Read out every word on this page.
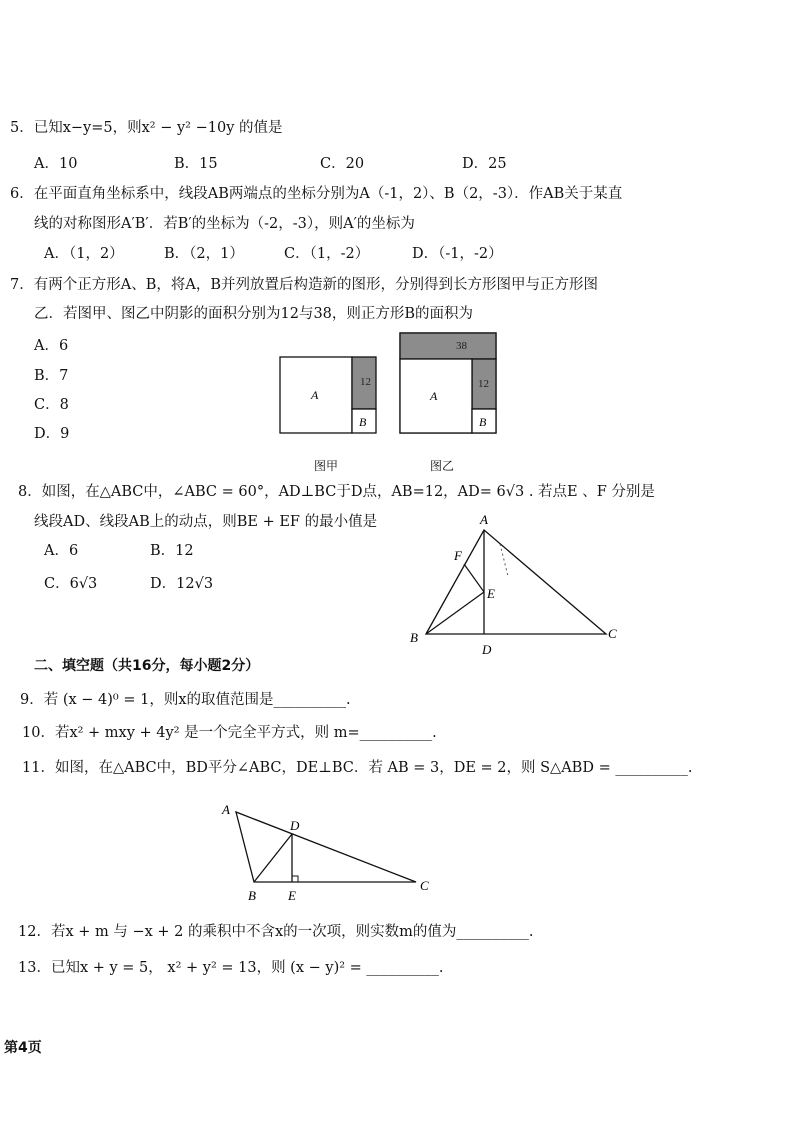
5．已知x−y=5，则x² − y² −10y 的值是
A．10	B．15	C．20	D．25
6．在平面直角坐标系中，线段AB两端点的坐标分别为A（-1，2）、B（2，-3）．作AB关于某直
线的对称图形A′B′．若B′的坐标为（-2，-3），则A′的坐标为
A．（1，2）	B．（2，1）	C．（1，-2）	D．（-1，-2）
7．有两个正方形A、B，将A，B并列放置后构造新的图形，分别得到长方形图甲与正方形图
乙．若图甲、图乙中阴影的面积分别为12与38，则正方形B的面积为
A．6
B．7
C．8
D．9
A
B
12
A
B
38
12
图甲	图乙
8．如图，在△ABC中，∠ABC = 60°，AD⊥BC于D点，AB=12，AD= 6√3 . 若点E 、F 分别是
线段AD、线段AB上的动点，则BE + EF 的最小值是
A．6	B．12
C．6√3	D．12√3
A
B	C
D
E
F
二、填空题（共16分，每小题2分）
9．若 (x − 4)⁰ = 1，则x的取值范围是__________.
10．若x² + mxy + 4y² 是一个完全平方式，则 m=__________.
11．如图，在△ABC中，BD平分∠ABC，DE⊥BC．若 AB = 3，DE = 2，则 S△ABD = __________.
A
B
C
D
E
12．若x + m 与 −x + 2 的乘积中不含x的一次项，则实数m的值为__________.
13．已知x + y = 5， x² + y² = 13，则 (x − y)² = __________.
第4页
